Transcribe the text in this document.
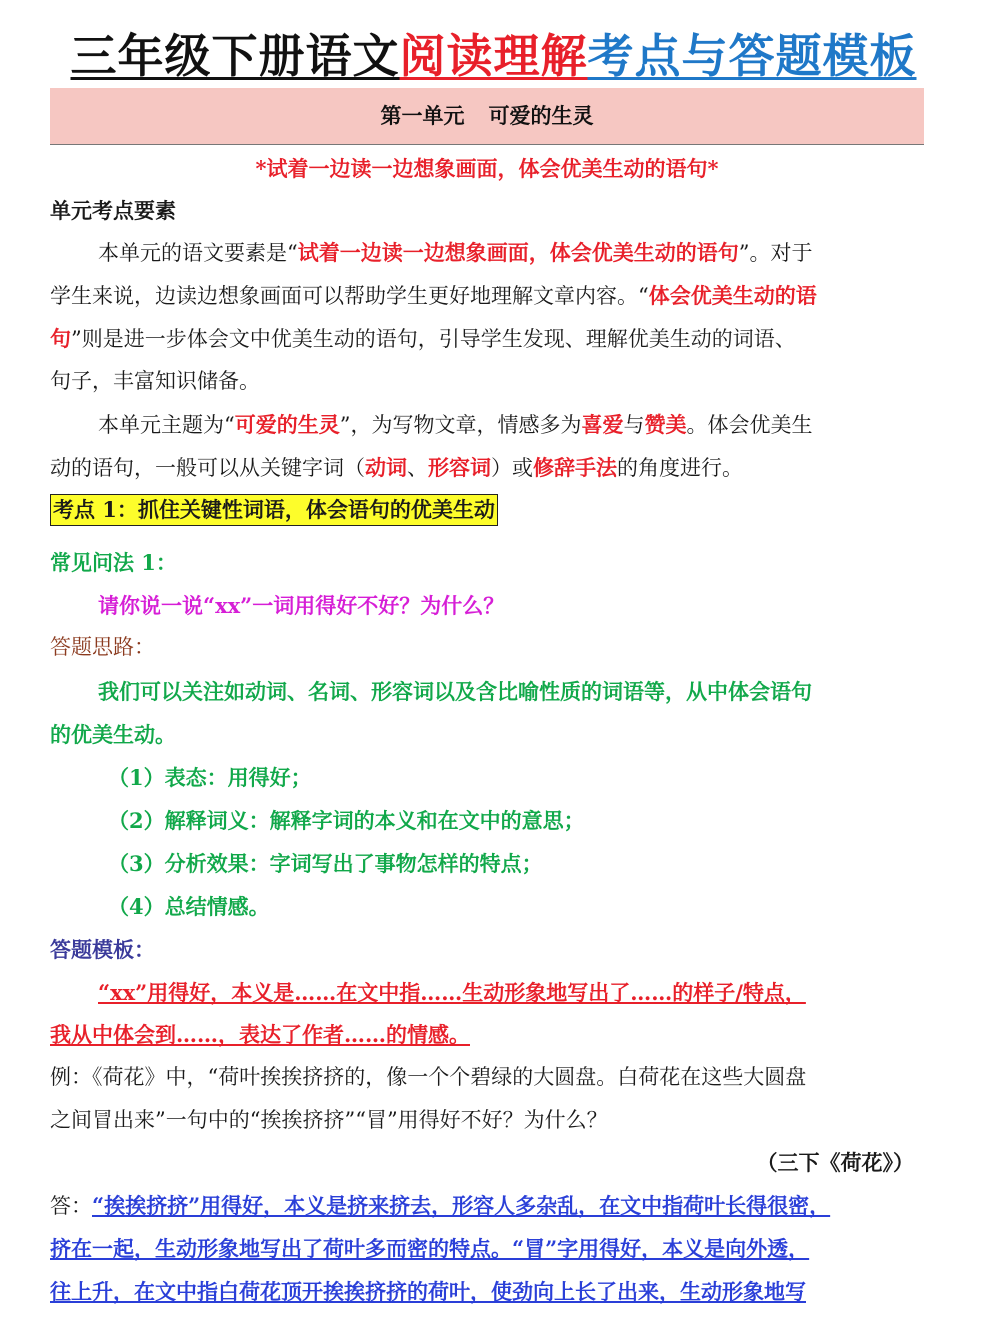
三年级下册语文阅读理解考点与答题模板
第一单元 可爱的生灵
*试着一边读一边想象画面，体会优美生动的语句*
单元考点要素
本单元的语文要素是“试着一边读一边想象画面，体会优美生动的语句”。对于
学生来说，边读边想象画面可以帮助学生更好地理解文章内容。“体会优美生动的语
句”则是进一步体会文中优美生动的语句，引导学生发现、理解优美生动的词语、
句子，丰富知识储备。
本单元主题为“可爱的生灵”，为写物文章，情感多为喜爱与赞美。体会优美生
动的语句，一般可以从关键字词（动词、形容词）或修辞手法的角度进行。
考点 1：抓住关键性词语，体会语句的优美生动
常见问法 1：
请你说一说“xx”一词用得好不好？为什么？
答题思路：
我们可以关注如动词、名词、形容词以及含比喻性质的词语等，从中体会语句
的优美生动。
（1）表态：用得好；
（2）解释词义：解释字词的本义和在文中的意思；
（3）分析效果：字词写出了事物怎样的特点；
（4）总结情感。
答题模板：
“xx”用得好，本义是……在文中指……生动形象地写出了……的样子/特点，
我从中体会到……，表达了作者……的情感。
例：《荷花》中，“荷叶挨挨挤挤的，像一个个碧绿的大圆盘。白荷花在这些大圆盘
之间冒出来”一句中的“挨挨挤挤”“冒”用得好不好？为什么？
（三下《荷花》）
答：“挨挨挤挤”用得好，本义是挤来挤去，形容人多杂乱，在文中指荷叶长得很密，
挤在一起，生动形象地写出了荷叶多而密的特点。“冒”字用得好，本义是向外透，
往上升，在文中指白荷花顶开挨挨挤挤的荷叶，使劲向上长了出来，生动形象地写
